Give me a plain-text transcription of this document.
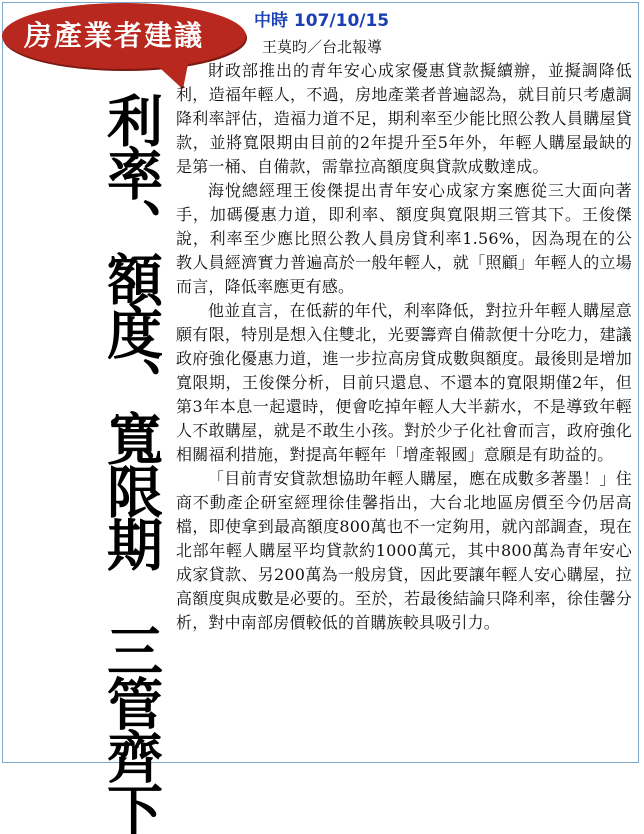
房產業者建議	中時 107/10/15
王莫昀／台北報導
利率、額度、寬限期　三管齊下

財政部推出的青年安心成家優惠貸款擬續辦，並擬調降低利，造福年輕人，不過，房地產業者普遍認為，就目前只考慮調降利率評估，造福力道不足，期利率至少能比照公教人員購屋貸款，並將寬限期由目前的2年提升至5年外，年輕人購屋最缺的是第一桶、自備款，需靠拉高額度與貸款成數達成。

海悅總經理王俊傑提出青年安心成家方案應從三大面向著手，加碼優惠力道，即利率、額度與寬限期三管其下。王俊傑說，利率至少應比照公教人員房貸利率1.56%，因為現在的公教人員經濟實力普遍高於一般年輕人，就「照顧」年輕人的立場而言，降低率應更有感。

他並直言，在低薪的年代，利率降低，對拉升年輕人購屋意願有限，特別是想入住雙北，光要籌齊自備款便十分吃力，建議政府強化優惠力道，進一步拉高房貸成數與額度。最後則是增加寬限期，王俊傑分析，目前只還息、不還本的寬限期僅2年，但第3年本息一起還時，便會吃掉年輕人大半薪水，不是導致年輕人不敢購屋，就是不敢生小孩。對於少子化社會而言，政府強化相關福利措施，對提高年輕年「增產報國」意願是有助益的。

「目前青安貸款想協助年輕人購屋，應在成數多著墨！」住商不動產企研室經理徐佳馨指出，大台北地區房價至今仍居高檔，即使拿到最高額度800萬也不一定夠用，就內部調查，現在北部年輕人購屋平均貸款約1000萬元，其中800萬為青年安心成家貸款、另200萬為一般房貸，因此要讓年輕人安心購屋，拉高額度與成數是必要的。至於，若最後結論只降利率，徐佳馨分析，對中南部房價較低的首購族較具吸引力。
